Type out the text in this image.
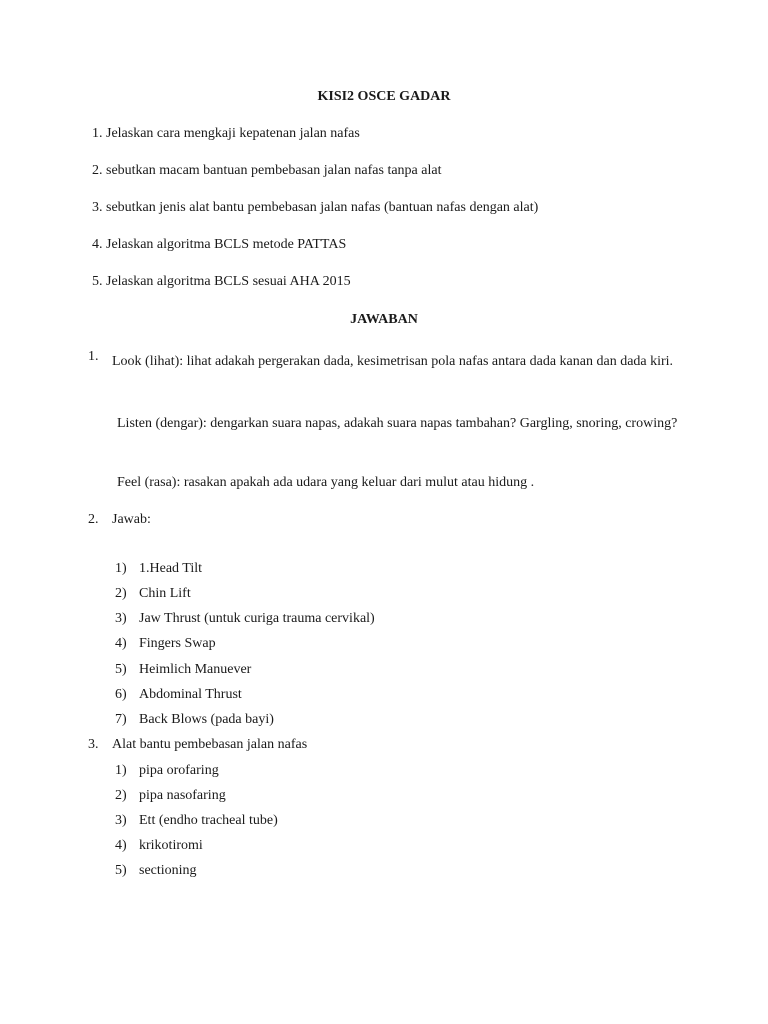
KISI2 OSCE GADAR
1. Jelaskan cara mengkaji kepatenan jalan nafas
2. sebutkan macam bantuan pembebasan jalan nafas tanpa alat
3. sebutkan jenis alat bantu pembebasan jalan nafas (bantuan nafas dengan alat)
4. Jelaskan algoritma BCLS metode PATTAS
5. Jelaskan algoritma BCLS sesuai AHA 2015
JAWABAN
1. Look (lihat): lihat adakah pergerakan dada, kesimetrisan pola nafas antara dada kanan dan dada kiri.
Listen (dengar): dengarkan suara napas, adakah suara napas tambahan? Gargling, snoring, crowing?
Feel (rasa): rasakan apakah ada udara yang keluar dari mulut atau hidung .
2. Jawab:
1) 1.Head Tilt
2) Chin Lift
3) Jaw Thrust (untuk curiga trauma cervikal)
4) Fingers Swap
5) Heimlich Manuever
6) Abdominal Thrust
7) Back Blows (pada bayi)
3. Alat bantu pembebasan jalan nafas
1) pipa orofaring
2) pipa nasofaring
3) Ett (endho tracheal tube)
4) krikotiromi
5) sectioning
